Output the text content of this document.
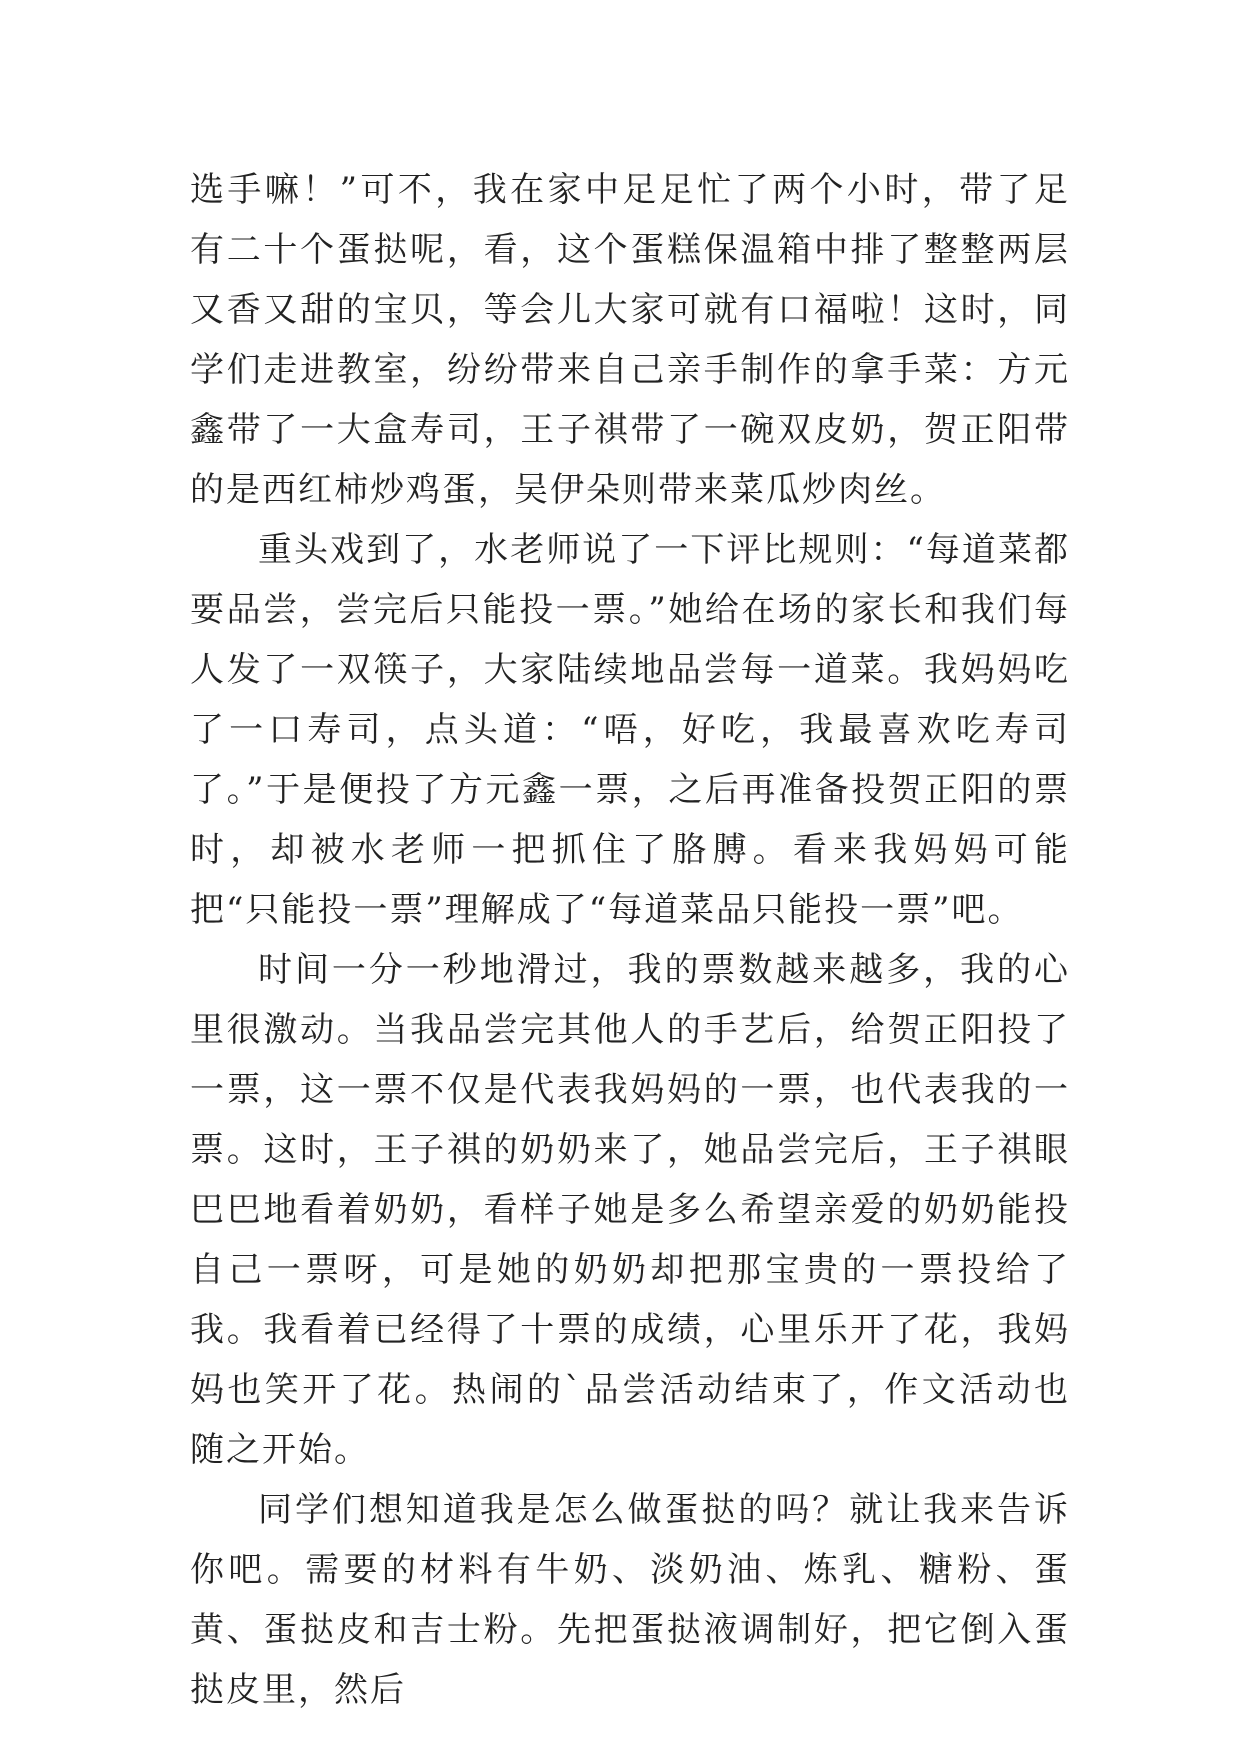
选手嘛！”可不，我在家中足足忙了两个小时，带了足有二十个蛋挞呢，看，这个蛋糕保温箱中排了整整两层又香又甜的宝贝，等会儿大家可就有口福啦！这时，同学们走进教室，纷纷带来自己亲手制作的拿手菜：方元鑫带了一大盒寿司，王子祺带了一碗双皮奶，贺正阳带的是西红柿炒鸡蛋，吴伊朵则带来菜瓜炒肉丝。

重头戏到了，水老师说了一下评比规则：“每道菜都要品尝，尝完后只能投一票。”她给在场的家长和我们每人发了一双筷子，大家陆续地品尝每一道菜。我妈妈吃了一口寿司，点头道：“唔，好吃，我最喜欢吃寿司了。”于是便投了方元鑫一票，之后再准备投贺正阳的票时，却被水老师一把抓住了胳膊。看来我妈妈可能把“只能投一票”理解成了“每道菜品只能投一票”吧。

时间一分一秒地滑过，我的票数越来越多，我的心里很激动。当我品尝完其他人的手艺后，给贺正阳投了一票，这一票不仅是代表我妈妈的一票，也代表我的一票。这时，王子祺的奶奶来了，她品尝完后，王子祺眼巴巴地看着奶奶，看样子她是多么希望亲爱的奶奶能投自己一票呀，可是她的奶奶却把那宝贵的一票投给了我。我看着已经得了十票的成绩，心里乐开了花，我妈妈也笑开了花。热闹的`品尝活动结束了，作文活动也随之开始。

同学们想知道我是怎么做蛋挞的吗？就让我来告诉你吧。需要的材料有牛奶、淡奶油、炼乳、糖粉、蛋黄、蛋挞皮和吉士粉。先把蛋挞液调制好，把它倒入蛋挞皮里，然后
